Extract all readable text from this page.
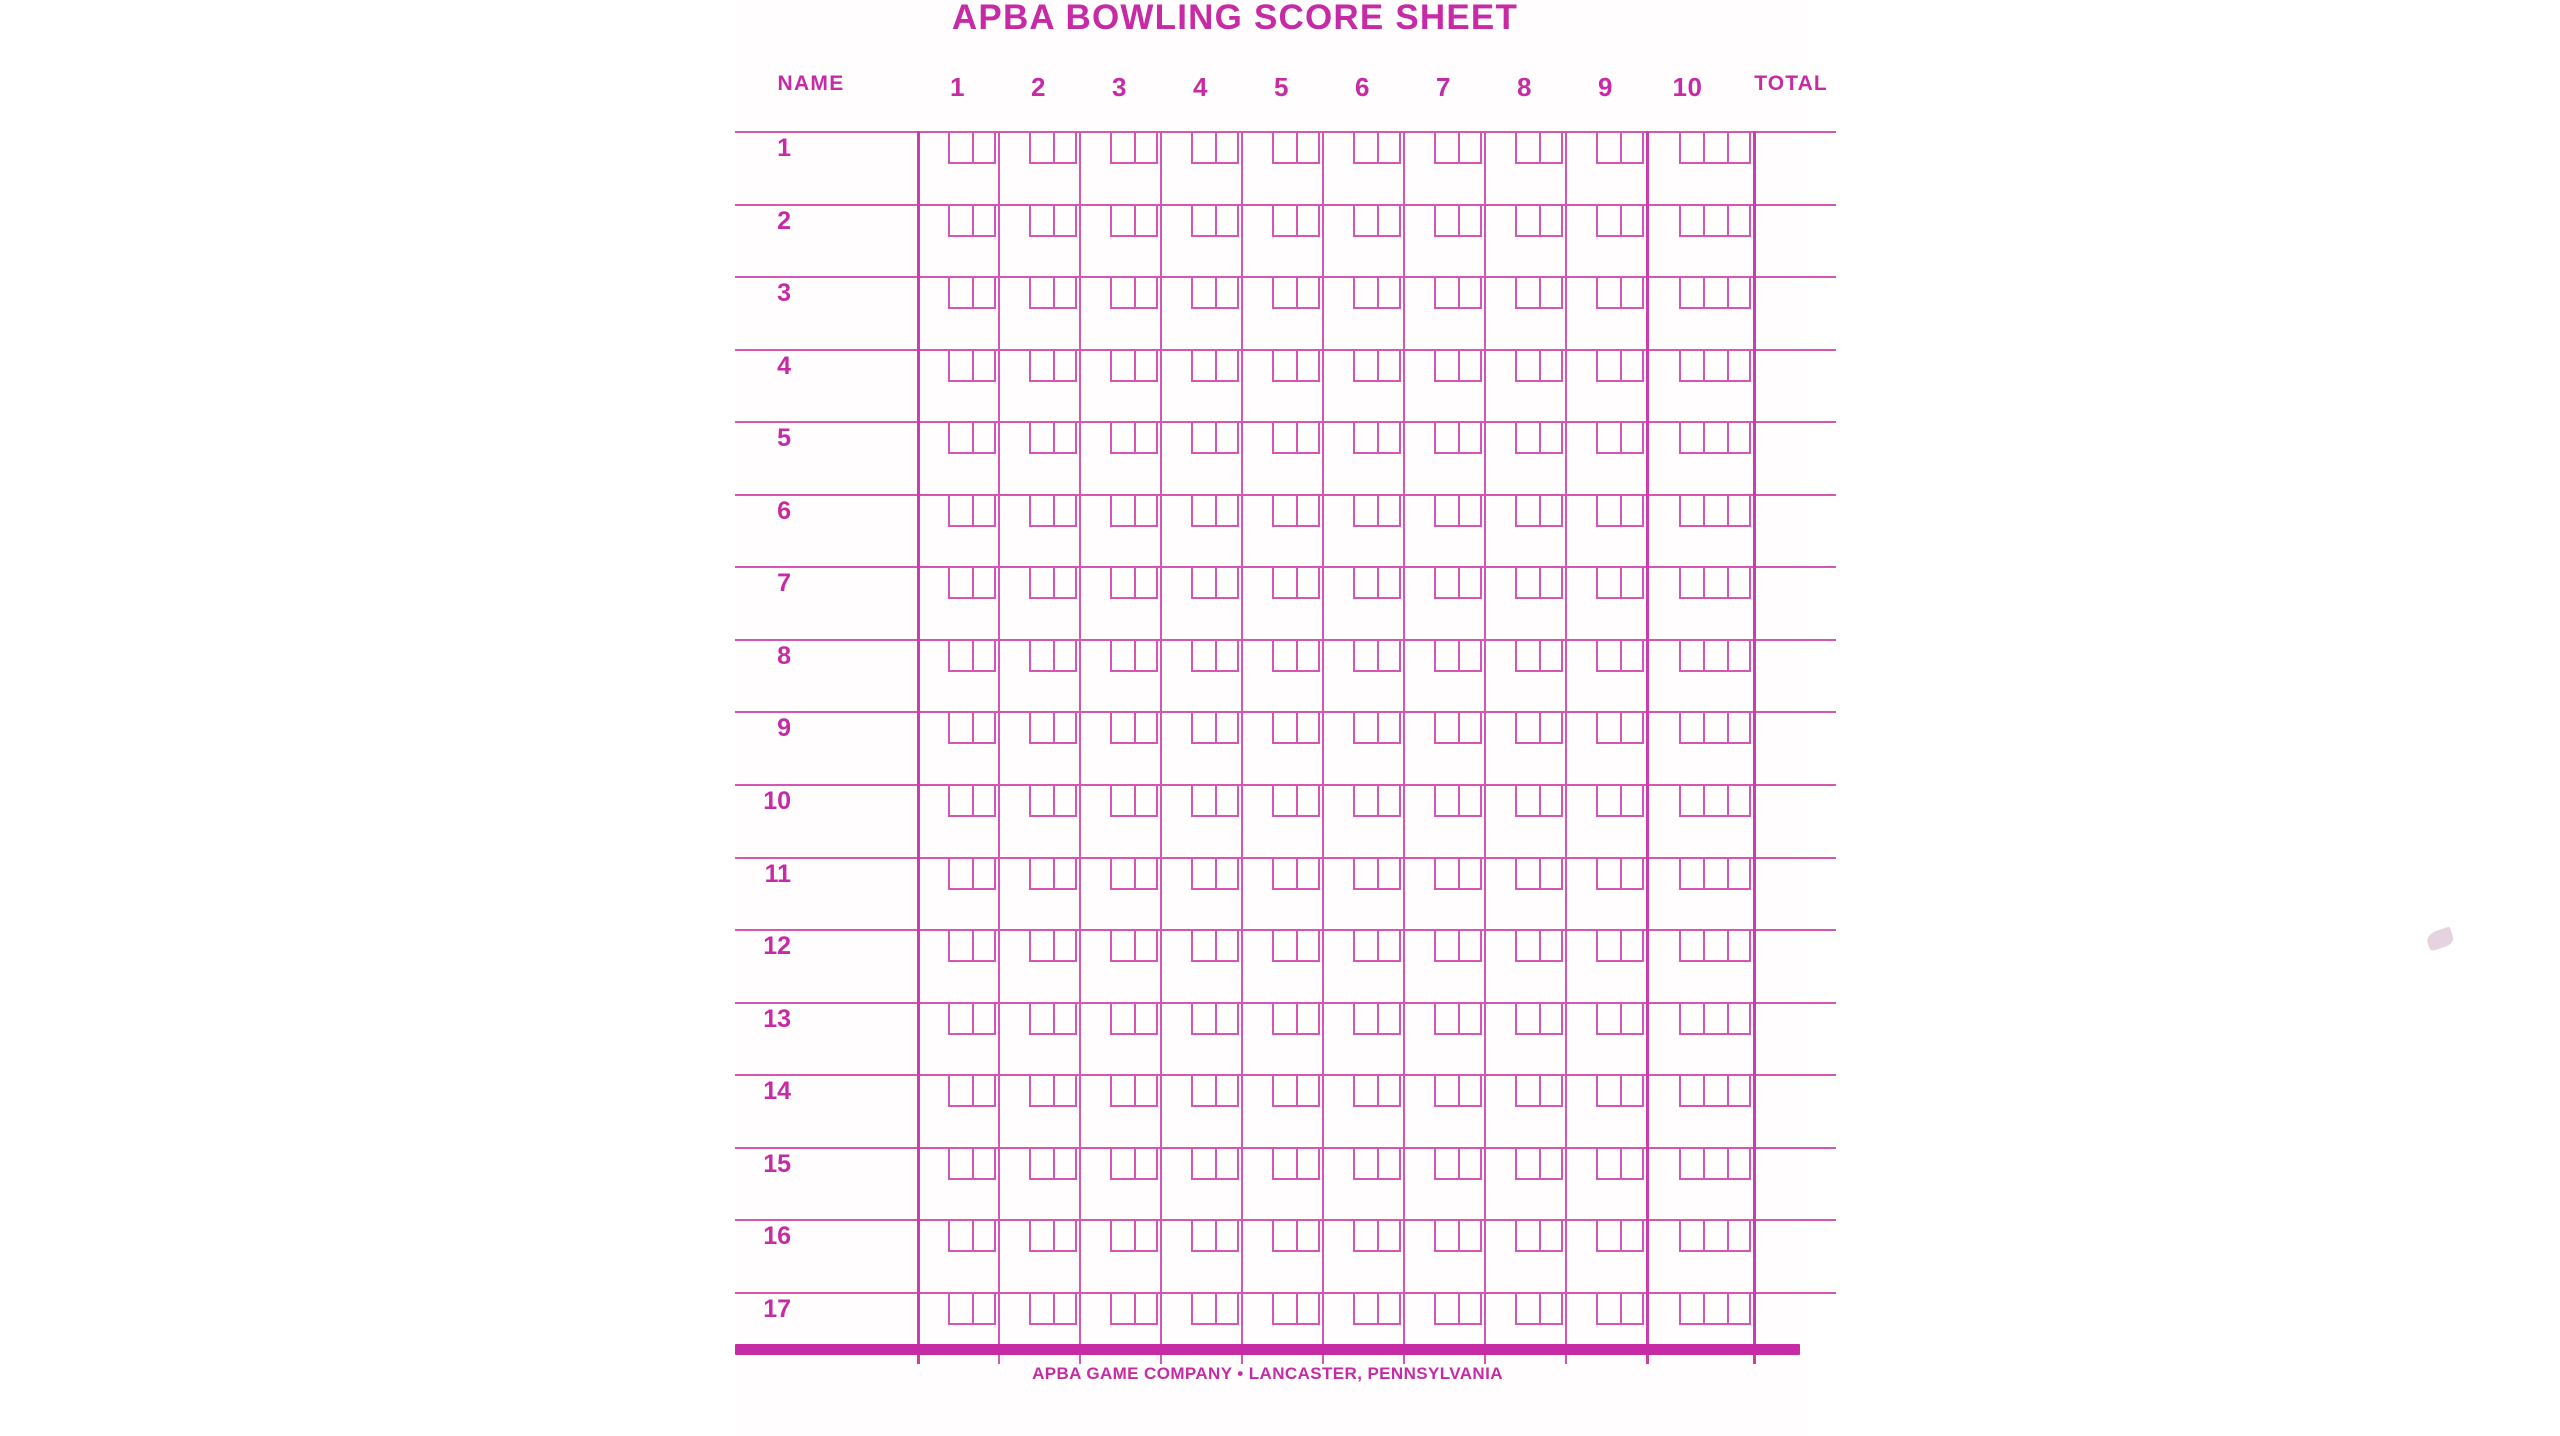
APBA BOWLING SCORE SHEET
NAME	1	2	3	4	5	6	7	8	9	10	TOTAL
1
2
3
4
5
6
7
8
9
10
11
12
13
14
15
16
17
APBA GAME COMPANY • LANCASTER, PENNSYLVANIA
